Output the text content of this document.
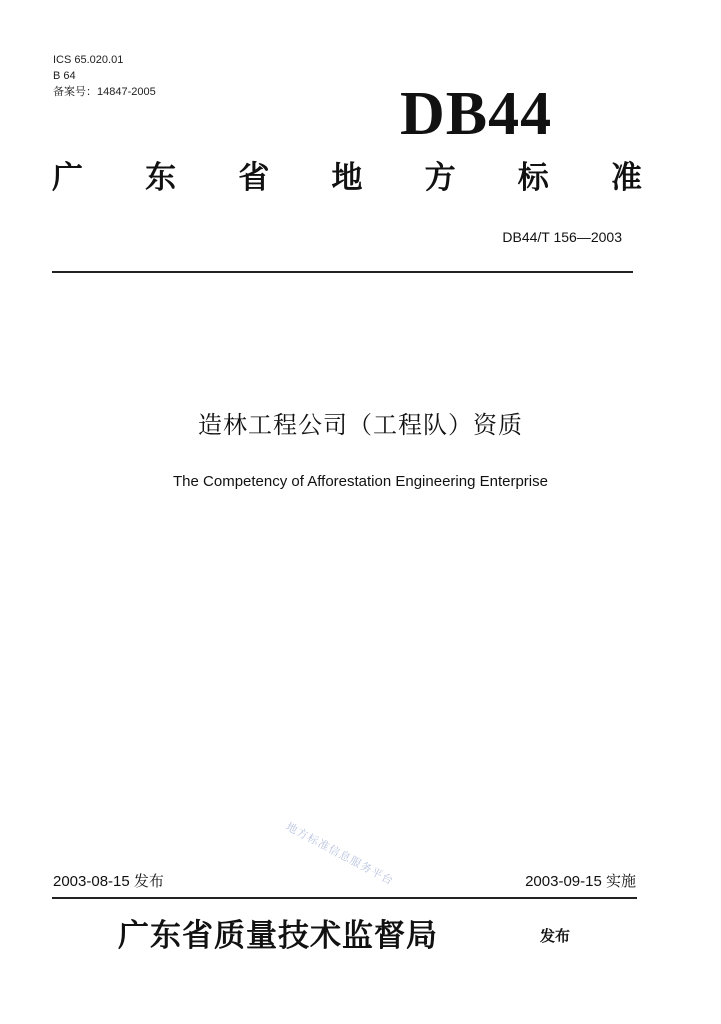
ICS 65.020.01
B 64
备案号：14847-2005	DB44
广 东 省 地 方 标 准
DB44/T 156—2003
造林工程公司（工程队）资质
The Competency of Afforestation Engineering Enterprise
地方标准信息服务平台
2003-08-15 发布	2003-09-15 实施
广东省质量技术监督局	发布
